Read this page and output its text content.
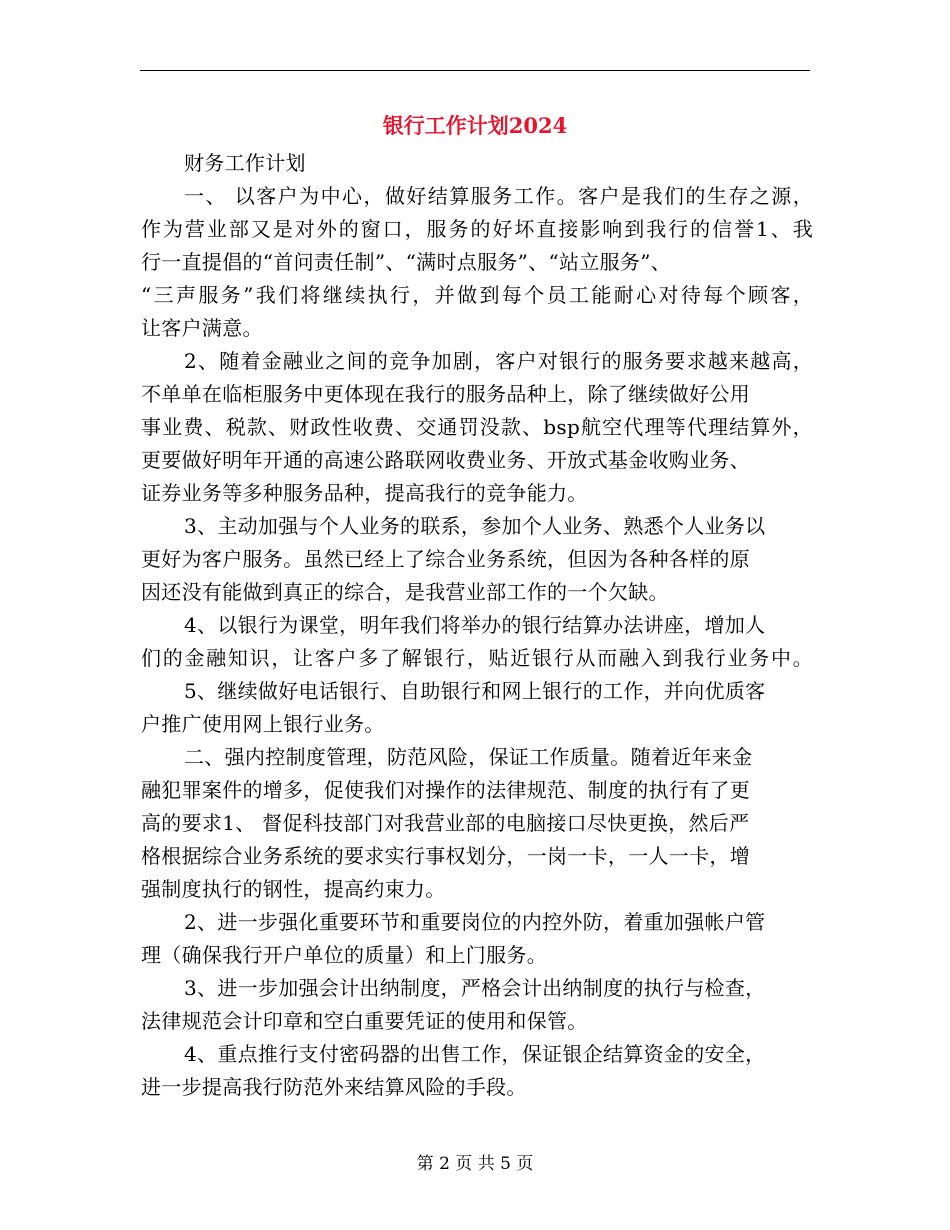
银行工作计划2024
财务工作计划
一、 以客户为中心，做好结算服务工作。客户是我们的生存之源，
作为营业部又是对外的窗口，服务的好坏直接影响到我行的信誉1、我
行一直提倡的“首问责任制”、“满时点服务”、“站立服务”、
“三声服务”我们将继续执行，并做到每个员工能耐心对待每个顾客，
让客户满意。
2、随着金融业之间的竞争加剧，客户对银行的服务要求越来越高，
不单单在临柜服务中更体现在我行的服务品种上，除了继续做好公用
事业费、税款、财政性收费、交通罚没款、bsp航空代理等代理结算外，
更要做好明年开通的高速公路联网收费业务、开放式基金收购业务、
证券业务等多种服务品种，提高我行的竞争能力。
3、主动加强与个人业务的联系，参加个人业务、熟悉个人业务以
更好为客户服务。虽然已经上了综合业务系统，但因为各种各样的原
因还没有能做到真正的综合，是我营业部工作的一个欠缺。
4、以银行为课堂，明年我们将举办的银行结算办法讲座，增加人
们的金融知识，让客户多了解银行，贴近银行从而融入到我行业务中。
5、继续做好电话银行、自助银行和网上银行的工作，并向优质客
户推广使用网上银行业务。
二、强内控制度管理，防范风险，保证工作质量。随着近年来金
融犯罪案件的增多，促使我们对操作的法律规范、制度的执行有了更
高的要求1、 督促科技部门对我营业部的电脑接口尽快更换，然后严
格根据综合业务系统的要求实行事权划分，一岗一卡，一人一卡，增
强制度执行的钢性，提高约束力。
2、进一步强化重要环节和重要岗位的内控外防，着重加强帐户管
理（确保我行开户单位的质量）和上门服务。
3、进一步加强会计出纳制度，严格会计出纳制度的执行与检查，
法律规范会计印章和空白重要凭证的使用和保管。
4、重点推行支付密码器的出售工作，保证银企结算资金的安全，
进一步提高我行防范外来结算风险的手段。
第 2 页 共 5 页
